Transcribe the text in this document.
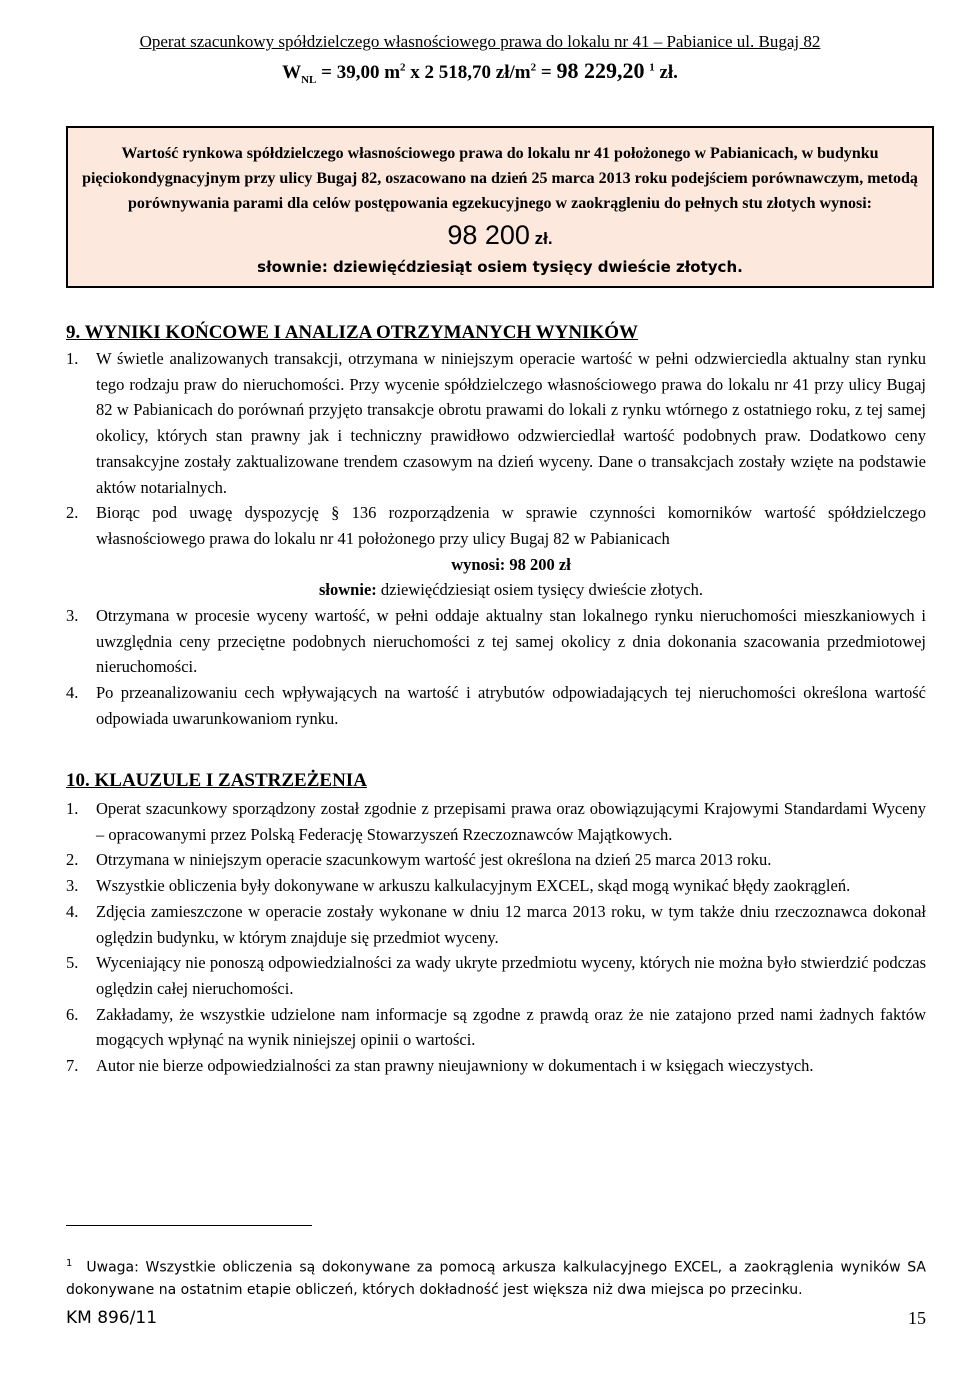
Operat szacunkowy spółdzielczego własnościowego prawa do lokalu nr 41 – Pabianice ul. Bugaj 82
$W_{NL} = 39,00$ $m^2$ x 2 518,70 $zł/m^2 = 98$ 229,20 $^1$ zł.
Wartość rynkowa spółdzielczego własnościowego prawa do lokalu nr 41 położonego w Pabianicach, w budynku pięciokondygnacyjnym przy ulicy Bugaj 82, oszacowano na dzień 25 marca 2013 roku podejściem porównawczym, metodą porównywania parami dla celów postępowania egzekucyjnego w zaokrągleniu do pełnych stu złotych wynosi:
98 200 zł.
słownie: dziewięćdziesiąt osiem tysięcy dwieście złotych.
9. WYNIKI KOŃCOWE I ANALIZA OTRZYMANYCH WYNIKÓW
1. W świetle analizowanych transakcji, otrzymana w niniejszym operacie wartość w pełni odzwierciedla aktualny stan rynku tego rodzaju praw do nieruchomości. Przy wycenie spółdzielczego własnościowego prawa do lokalu nr 41 przy ulicy Bugaj 82 w Pabianicach do porównań przyjęto transakcje obrotu prawami do lokali z rynku wtórnego z ostatniego roku, z tej samej okolicy, których stan prawny jak i techniczny prawidłowo odzwierciedlał wartość podobnych praw. Dodatkowo ceny transakcyjne zostały zaktualizowane trendem czasowym na dzień wyceny. Dane o transakcjach zostały wzięte na podstawie aktów notarialnych.
2. Biorąc pod uwagę dyspozycję § 136 rozporządzenia w sprawie czynności komorników wartość spółdzielczego własnościowego prawa do lokalu nr 41 położonego przy ulicy Bugaj 82 w Pabianicach
wynosi: 98 200 zł
słownie: dziewięćdziesiąt osiem tysięcy dwieście złotych.
3. Otrzymana w procesie wyceny wartość, w pełni oddaje aktualny stan lokalnego rynku nieruchomości mieszkaniowych i uwzględnia ceny przeciętne podobnych nieruchomości z tej samej okolicy z dnia dokonania szacowania przedmiotowej nieruchomości.
4. Po przeanalizowaniu cech wpływających na wartość i atrybutów odpowiadających tej nieruchomości określona wartość odpowiada uwarunkowaniom rynku.
10. KLAUZULE I ZASTRZEŻENIA
1. Operat szacunkowy sporządzony został zgodnie z przepisami prawa oraz obowiązującymi Krajowymi Standardami Wyceny – opracowanymi przez Polską Federację Stowarzyszeń Rzeczoznawców Majątkowych.
2. Otrzymana w niniejszym operacie szacunkowym wartość jest określona na dzień 25 marca 2013 roku.
3. Wszystkie obliczenia były dokonywane w arkuszu kalkulacyjnym EXCEL, skąd mogą wynikać błędy zaokrągleń.
4. Zdjęcia zamieszczone w operacie zostały wykonane w dniu 12 marca 2013 roku, w tym także dniu rzeczoznawca dokonał oględzin budynku, w którym znajduje się przedmiot wyceny.
5. Wyceniający nie ponoszą odpowiedzialności za wady ukryte przedmiotu wyceny, których nie można było stwierdzić podczas oględzin całej nieruchomości.
6. Zakładamy, że wszystkie udzielone nam informacje są zgodne z prawdą oraz że nie zatajono przed nami żadnych faktów mogących wpłynąć na wynik niniejszej opinii o wartości.
7. Autor nie bierze odpowiedzialności za stan prawny nieujawniony w dokumentach i w księgach wieczystych.
$^1$ Uwaga: Wszystkie obliczenia są dokonywane za pomocą arkusza kalkulacyjnego EXCEL, a zaokrąglenia wyników SA dokonywane na ostatnim etapie obliczeń, których dokładność jest większa niż dwa miejsca po przecinku.
KM 896/11	15
